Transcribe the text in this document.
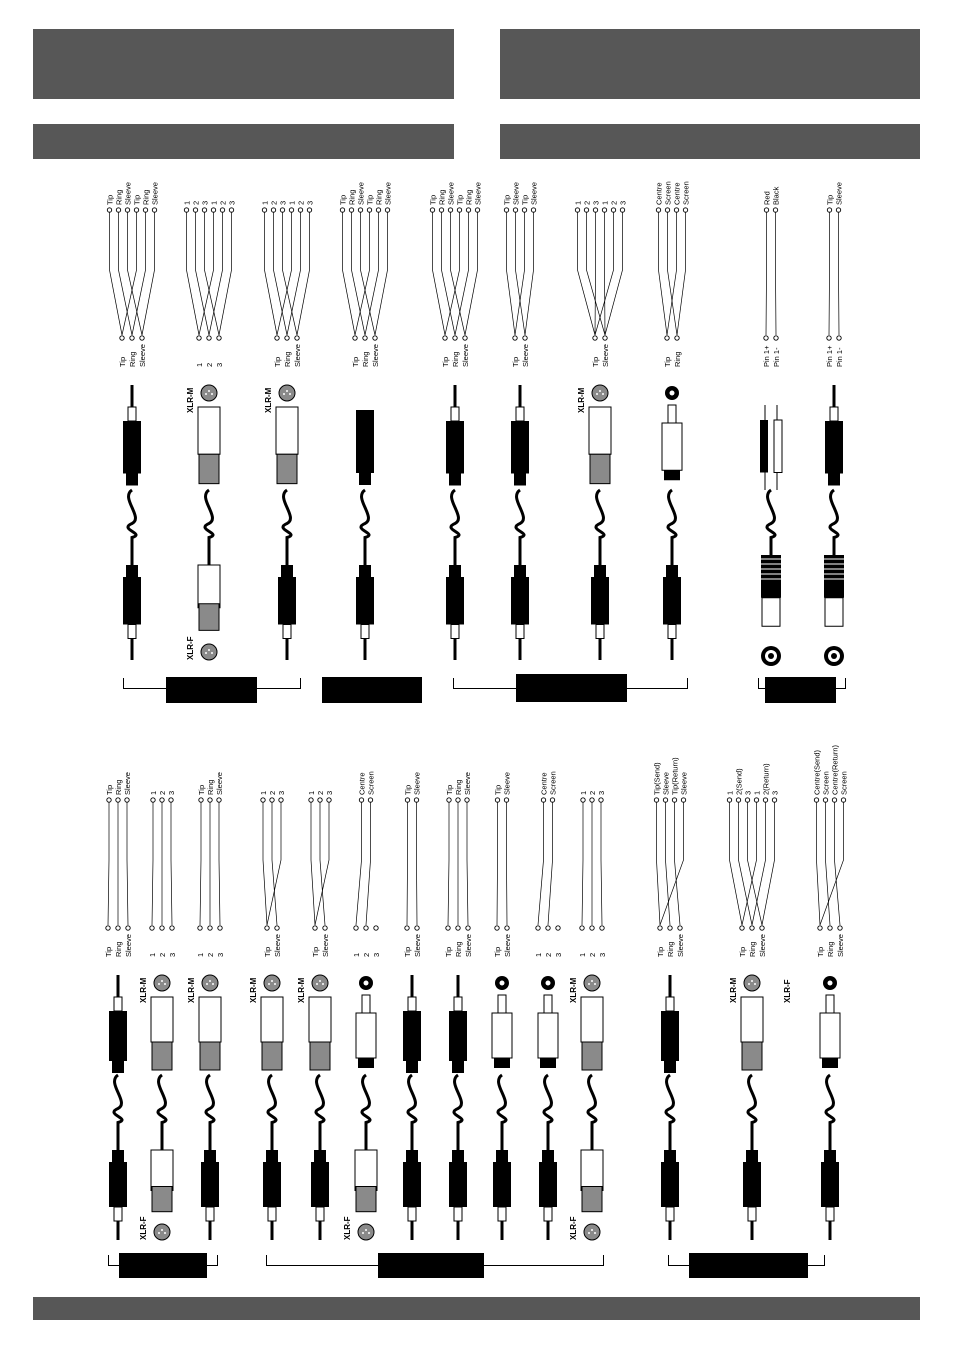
Tip Ring Sleeve Tip Ring Sleeve
Tip Ring Sleeve
1 2 3 1 2 3
1 2 3
XLR-M
XLR-F
1 2 3 1 2 3
Tip Ring Sleeve
XLR-M
Tip Ring Sleeve Tip Ring Sleeve
Tip Ring Sleeve
Tip Ring Sleeve Tip Ring Sleeve
Tip Ring Sleeve
Tip Sleeve Tip Sleeve
Tip Sleeve
1 2 3 1 2 3
Tip Sleeve
XLR-M
Centre Screen Centre Screen
Tip Ring
Red Black
Pin 1+ Pin 1-
Tip Sleeve
Pin 1+ Pin 1-
Tip Ring Sleeve
Tip Ring Sleeve
1 2 3
1 2 3
XLR-M
XLR-F
Tip Ring Sleeve
1 2 3
XLR-M
1 2 3
Tip Sleeve
XLR-M
1 2 3
Tip Sleeve
XLR-M
Centre Screen
1 2 3
XLR-F
Tip Sleeve
Tip Sleeve
Tip Ring Sleeve
Tip Ring Sleeve
Tip Sleeve
Tip Sleeve
Centre Screen
1 2 3
1 2 3
1 2 3
XLR-M
XLR-F
Tip(Send) Sleeve Tip(Return) Sleeve
Tip Ring Sleeve
1 2(Send) 3 1 2(Return) 3
Tip Ring Sleeve
XLR-M	XLR-F
Centre(Send) Screen Centre(Return) Screen
Tip Ring Sleeve
